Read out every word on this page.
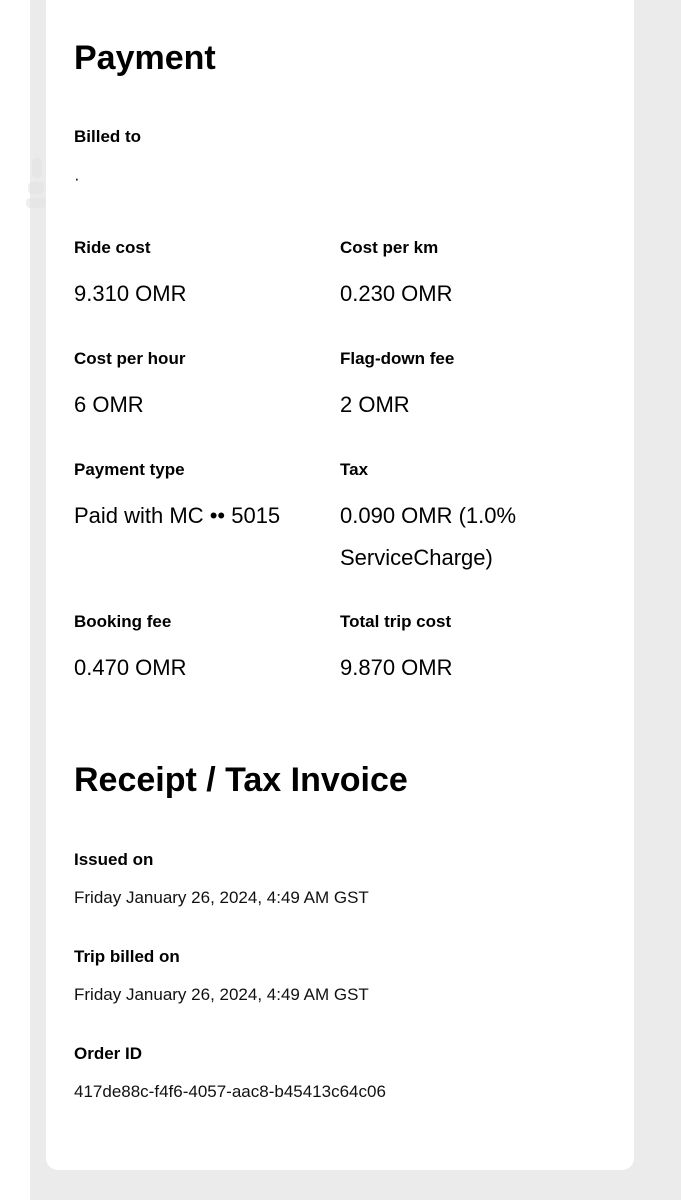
Payment
Billed to
·
Ride cost
9.310 OMR
Cost per km
0.230 OMR
Cost per hour
6 OMR
Flag-down fee
2 OMR
Payment type
Paid with MC •• 5015
Tax
0.090 OMR (1.0% ServiceCharge)
Booking fee
0.470 OMR
Total trip cost
9.870 OMR
Receipt / Tax Invoice
Issued on
Friday January 26, 2024, 4:49 AM GST
Trip billed on
Friday January 26, 2024, 4:49 AM GST
Order ID
417de88c-f4f6-4057-aac8-b45413c64c06
